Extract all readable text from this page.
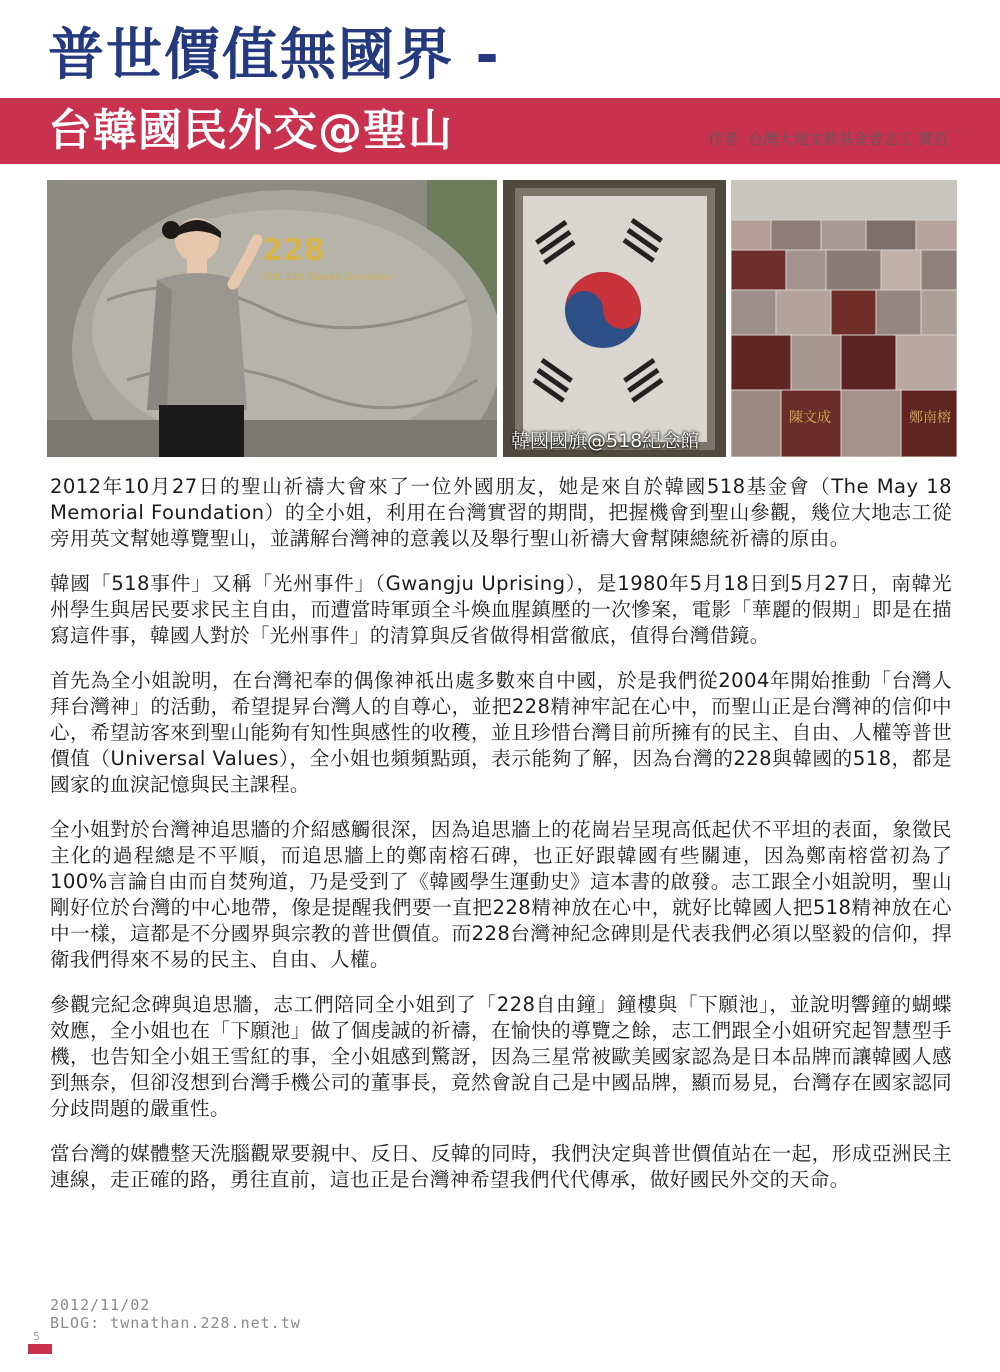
普世價值無國界 -
台韓國民外交@聖山	作者 台灣大地文教基金會志工 贊若
228
THE 228 Taiwan Divinities
韓國國旗@518紀念館
鄭南榕
陳文成

2012年10月27日的聖山祈禱大會來了一位外國朋友，她是來自於韓國518基金會（The May 18 Memorial Foundation）的全小姐，利用在台灣實習的期間，把握機會到聖山參觀，幾位大地志工從旁用英文幫她導覽聖山，並講解台灣神的意義以及舉行聖山祈禱大會幫陳總統祈禱的原由。

韓國「518事件」又稱「光州事件」（Gwangju Uprising），是1980年5月18日到5月27日，南韓光州學生與居民要求民主自由，而遭當時軍頭全斗煥血腥鎮壓的一次慘案，電影「華麗的假期」即是在描寫這件事，韓國人對於「光州事件」的清算與反省做得相當徹底，值得台灣借鏡。

首先為全小姐說明，在台灣祀奉的偶像神祇出處多數來自中國，於是我們從2004年開始推動「台灣人拜台灣神」的活動，希望提昇台灣人的自尊心，並把228精神牢記在心中，而聖山正是台灣神的信仰中心，希望訪客來到聖山能夠有知性與感性的收穫，並且珍惜台灣目前所擁有的民主、自由、人權等普世價值（Universal Values），全小姐也頻頻點頭，表示能夠了解，因為台灣的228與韓國的518，都是國家的血淚記憶與民主課程。

全小姐對於台灣神追思牆的介紹感觸很深，因為追思牆上的花崗岩呈現高低起伏不平坦的表面，象徵民主化的過程總是不平順，而追思牆上的鄭南榕石碑，也正好跟韓國有些關連，因為鄭南榕當初為了100%言論自由而自焚殉道，乃是受到了《韓國學生運動史》這本書的啟發。志工跟全小姐說明，聖山剛好位於台灣的中心地帶，像是提醒我們要一直把228精神放在心中，就好比韓國人把518精神放在心中一樣，這都是不分國界與宗教的普世價值。而228台灣神紀念碑則是代表我們必須以堅毅的信仰，捍衛我們得來不易的民主、自由、人權。

參觀完紀念碑與追思牆，志工們陪同全小姐到了「228自由鐘」鐘樓與「下願池」，並說明響鐘的蝴蝶效應，全小姐也在「下願池」做了個虔誠的祈禱，在愉快的導覽之餘，志工們跟全小姐研究起智慧型手機，也告知全小姐王雪紅的事，全小姐感到驚訝，因為三星常被歐美國家認為是日本品牌而讓韓國人感到無奈，但卻沒想到台灣手機公司的董事長，竟然會說自己是中國品牌，顯而易見，台灣存在國家認同分歧問題的嚴重性。

當台灣的媒體整天洗腦觀眾要親中、反日、反韓的同時，我們決定與普世價值站在一起，形成亞洲民主連線，走正確的路，勇往直前，這也正是台灣神希望我們代代傳承，做好國民外交的天命。

2012/11/02
BLOG: twnathan.228.net.tw
5
